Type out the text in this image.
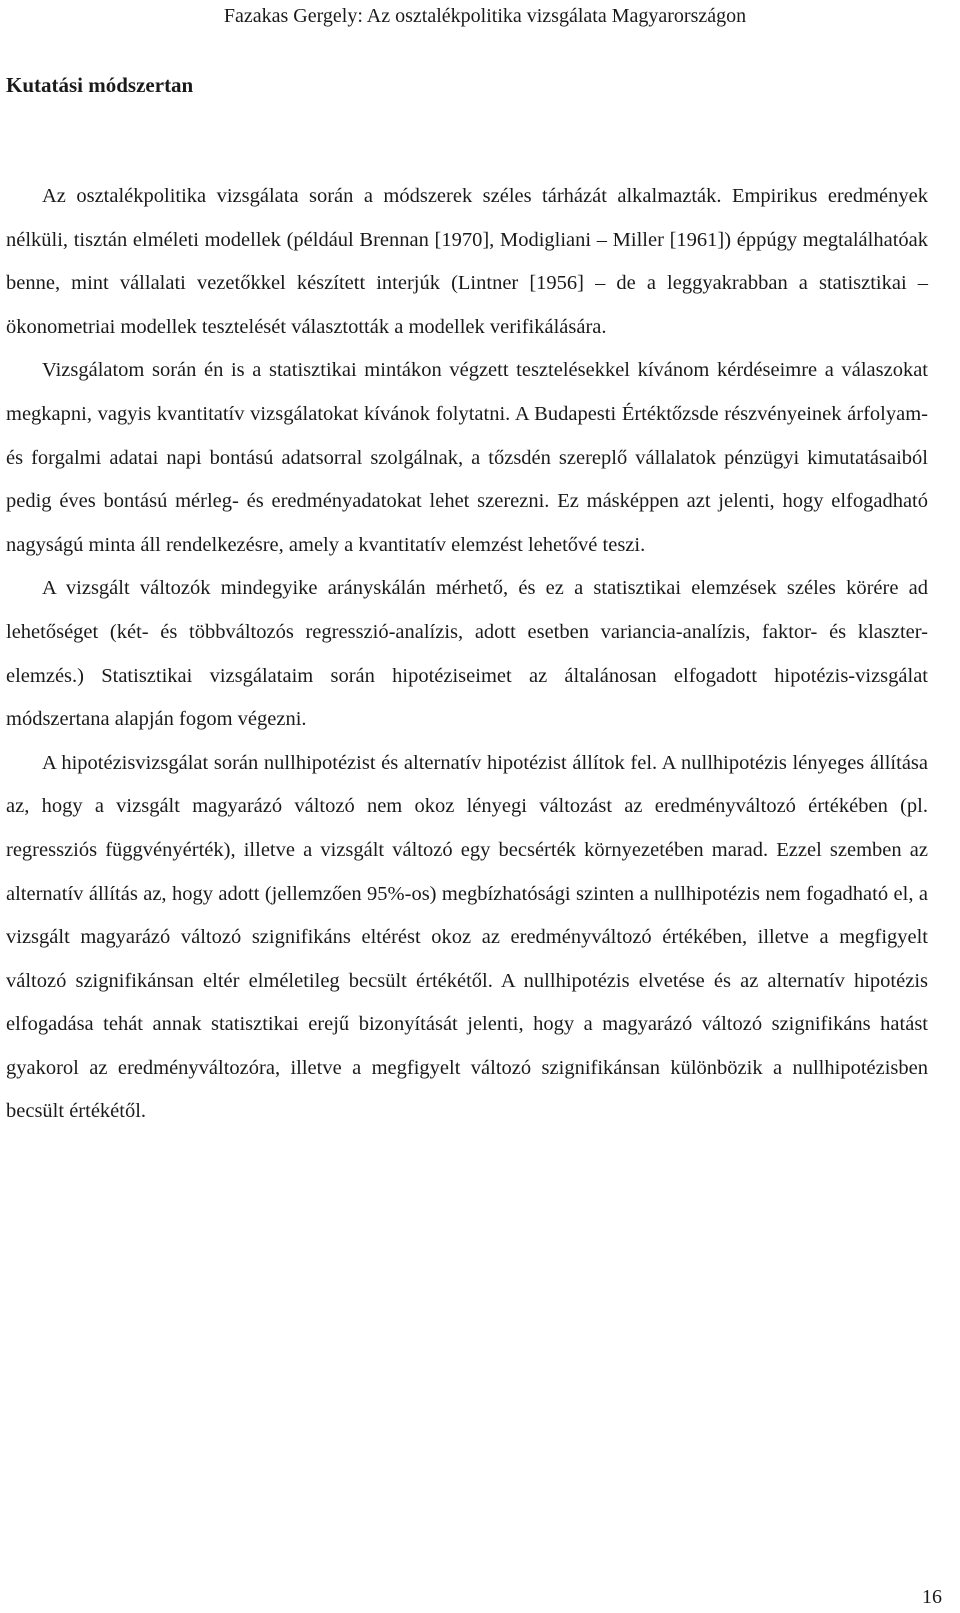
Fazakas Gergely: Az osztalékpolitika vizsgálata Magyarországon
Kutatási módszertan

Az osztalékpolitika vizsgálata során a módszerek széles tárházát alkalmazták. Empirikus eredmények nélküli, tisztán elméleti modellek (például Brennan [1970], Modigliani – Miller [1961]) éppúgy megtalálhatóak benne, mint vállalati vezetőkkel készített interjúk (Lintner [1956] – de a leggyakrabban a statisztikai – ökonometriai modellek tesztelését választották a modellek verifikálására.

Vizsgálatom során én is a statisztikai mintákon végzett tesztelésekkel kívánom kérdéseimre a válaszokat megkapni, vagyis kvantitatív vizsgálatokat kívánok folytatni. A Budapesti Értéktőzsde részvényeinek árfolyam- és forgalmi adatai napi bontású adatsorral szolgálnak, a tőzsdén szereplő vállalatok pénzügyi kimutatásaiból pedig éves bontású mérleg- és eredményadatokat lehet szerezni. Ez másképpen azt jelenti, hogy elfogadható nagyságú minta áll rendelkezésre, amely a kvantitatív elemzést lehetővé teszi.

A vizsgált változók mindegyike arányskálán mérhető, és ez a statisztikai elemzések széles körére ad lehetőséget (két- és többváltozós regresszió-analízis, adott esetben variancia-analízis, faktor- és klaszter-elemzés.) Statisztikai vizsgálataim során hipotéziseimet az általánosan elfogadott hipotézis-vizsgálat módszertana alapján fogom végezni.

A hipotézisvizsgálat során nullhipotézist és alternatív hipotézist állítok fel. A nullhipotézis lényeges állítása az, hogy a vizsgált magyarázó változó nem okoz lényegi változást az eredményváltozó értékében (pl. regressziós függvényérték), illetve a vizsgált változó egy becsérték környezetében marad. Ezzel szemben az alternatív állítás az, hogy adott (jellemzően 95%-os) megbízhatósági szinten a nullhipotézis nem fogadható el, a vizsgált magyarázó változó szignifikáns eltérést okoz az eredményváltozó értékében, illetve a megfigyelt változó szignifikánsan eltér elméletileg becsült értékétől. A nullhipotézis elvetése és az alternatív hipotézis elfogadása tehát annak statisztikai erejű bizonyítását jelenti, hogy a magyarázó változó szignifikáns hatást gyakorol az eredményváltozóra, illetve a megfigyelt változó szignifikánsan különbözik a nullhipotézisben becsült értékétől.

16
